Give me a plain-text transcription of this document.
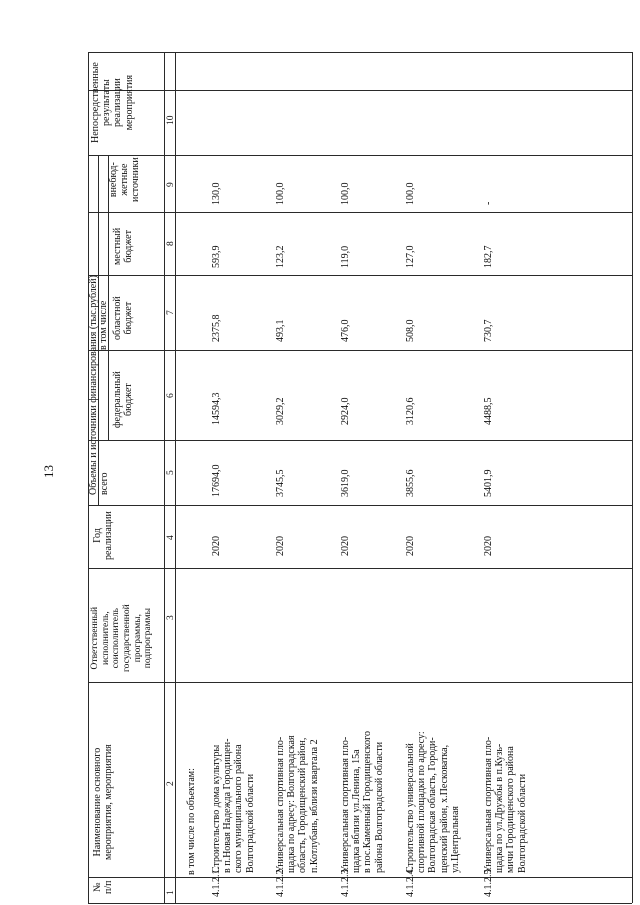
13
№ п/п
Наименование основного мероприятия, мероприятия
Ответственный исполнитель, соисполнитель государственной программы, подпрограммы
Год реализации
Объемы и источники финансирования (тыс.рублей) всего
в том числе
федеральный бюджет
областной бюджет
местный бюджет
внебюд- жетные источники
Непосредственные результаты реализации мероприятия
1
2
3
4
5
6
7
8
9
10
в том числе по объектам:
4.1.2.1.
Строительство дома культуры в п.Новая Надежда Городищен- ского муниципального района Волгоградской области
2020
17694,0
14594,3
2375,8
593,9
130,0
4.1.2.2.
Универсальная спортивная пло- щадка по адресу: Волгоградская область, Городищенский район, п.Котлубань, вблизи квартала 2
2020
3745,5
3029,2
493,1
123,2
100,0
4.1.2.3.
Универсальная спортивная пло- щадка вблизи ул.Ленина, 15а в пос.Каменный Городищенского района Волгоградской области
2020
3619,0
2924,0
476,0
119,0
100,0
4.1.2.4.
Строительство универсальной спортивной площадки по адресу: Волгоградская область, Городи- щенский район, х.Песковатка, ул.Центральная
2020
3855,6
3120,6
508,0
127,0
100,0
4.1.2.5.
Универсальная спортивная пло- щадка по ул.Дружбы в п.Кузь- мичи Городищенского района Волгоградской области
2020
5401,9
4488,5
730,7
182,7
-
